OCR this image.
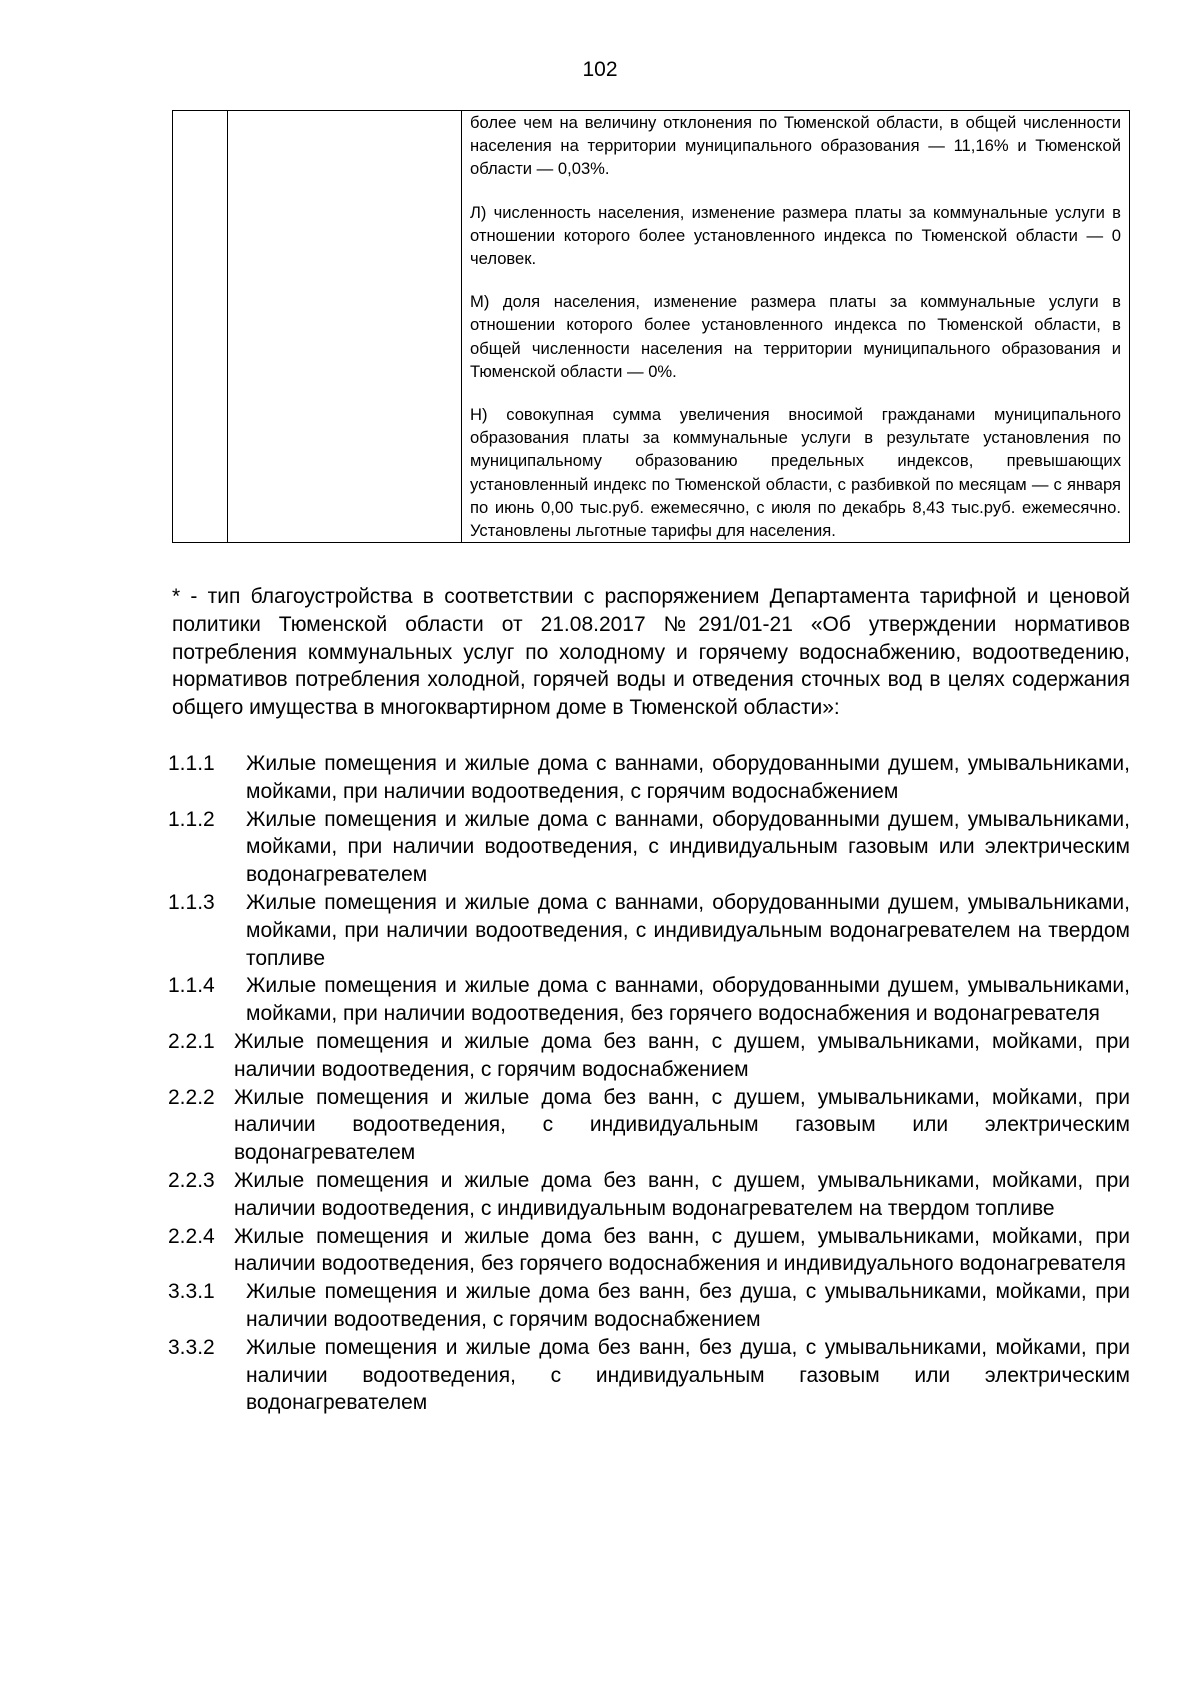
102

более чем на величину отклонения по Тюменской области, в общей численности населения на территории муниципального образования — 11,16% и Тюменской области — 0,03%.

Л) численность населения, изменение размера платы за коммунальные услуги в отношении которого более установленного индекса по Тюменской области — 0 человек.

М) доля населения, изменение размера платы за коммунальные услуги в отношении которого более установленного индекса по Тюменской области, в общей численности населения на территории муниципального образования и Тюменской области — 0%.

Н) совокупная сумма увеличения вносимой гражданами муниципального образования платы за коммунальные услуги в результате установления по муниципальному образованию предельных индексов, превышающих установленный индекс по Тюменской области, с разбивкой по месяцам — с января по июнь 0,00 тыс.руб. ежемесячно, с июля по декабрь 8,43 тыс.руб. ежемесячно. Установлены льготные тарифы для населения.

* - тип благоустройства в соответствии с распоряжением Департамента тарифной и ценовой политики Тюменской области от 21.08.2017 №291/01-21 «Об утверждении нормативов потребления коммунальных услуг по холодному и горячему водоснабжению, водоотведению, нормативов потребления холодной, горячей воды и отведения сточных вод в целях содержания общего имущества в многоквартирном доме в Тюменской области»:

1.1.1	Жилые помещения и жилые дома с ваннами, оборудованными душем, умывальниками, мойками, при наличии водоотведения, с горячим водоснабжением
1.1.2	Жилые помещения и жилые дома с ваннами, оборудованными душем, умывальниками, мойками, при наличии водоотведения, с индивидуальным газовым или электрическим водонагревателем
1.1.3	Жилые помещения и жилые дома с ваннами, оборудованными душем, умывальниками, мойками, при наличии водоотведения, с индивидуальным водонагревателем на твердом топливе
1.1.4	Жилые помещения и жилые дома с ваннами, оборудованными душем, умывальниками, мойками, при наличии водоотведения, без горячего водоснабжения и водонагревателя
2.2.1 Жилые помещения и жилые дома без ванн, с душем, умывальниками, мойками, при наличии водоотведения, с горячим водоснабжением
2.2.2 Жилые помещения и жилые дома без ванн, с душем, умывальниками, мойками, при наличии водоотведения, с индивидуальным газовым или электрическим водонагревателем
2.2.3 Жилые помещения и жилые дома без ванн, с душем, умывальниками, мойками, при наличии водоотведения, с индивидуальным водонагревателем на твердом топливе
2.2.4 Жилые помещения и жилые дома без ванн, с душем, умывальниками, мойками, при наличии водоотведения, без горячего водоснабжения и индивидуального водонагревателя
3.3.1	Жилые помещения и жилые дома без ванн, без душа, с умывальниками, мойками, при наличии водоотведения, с горячим водоснабжением
3.3.2	Жилые помещения и жилые дома без ванн, без душа, с умывальниками, мойками, при наличии водоотведения, с индивидуальным газовым или электрическим водонагревателем
